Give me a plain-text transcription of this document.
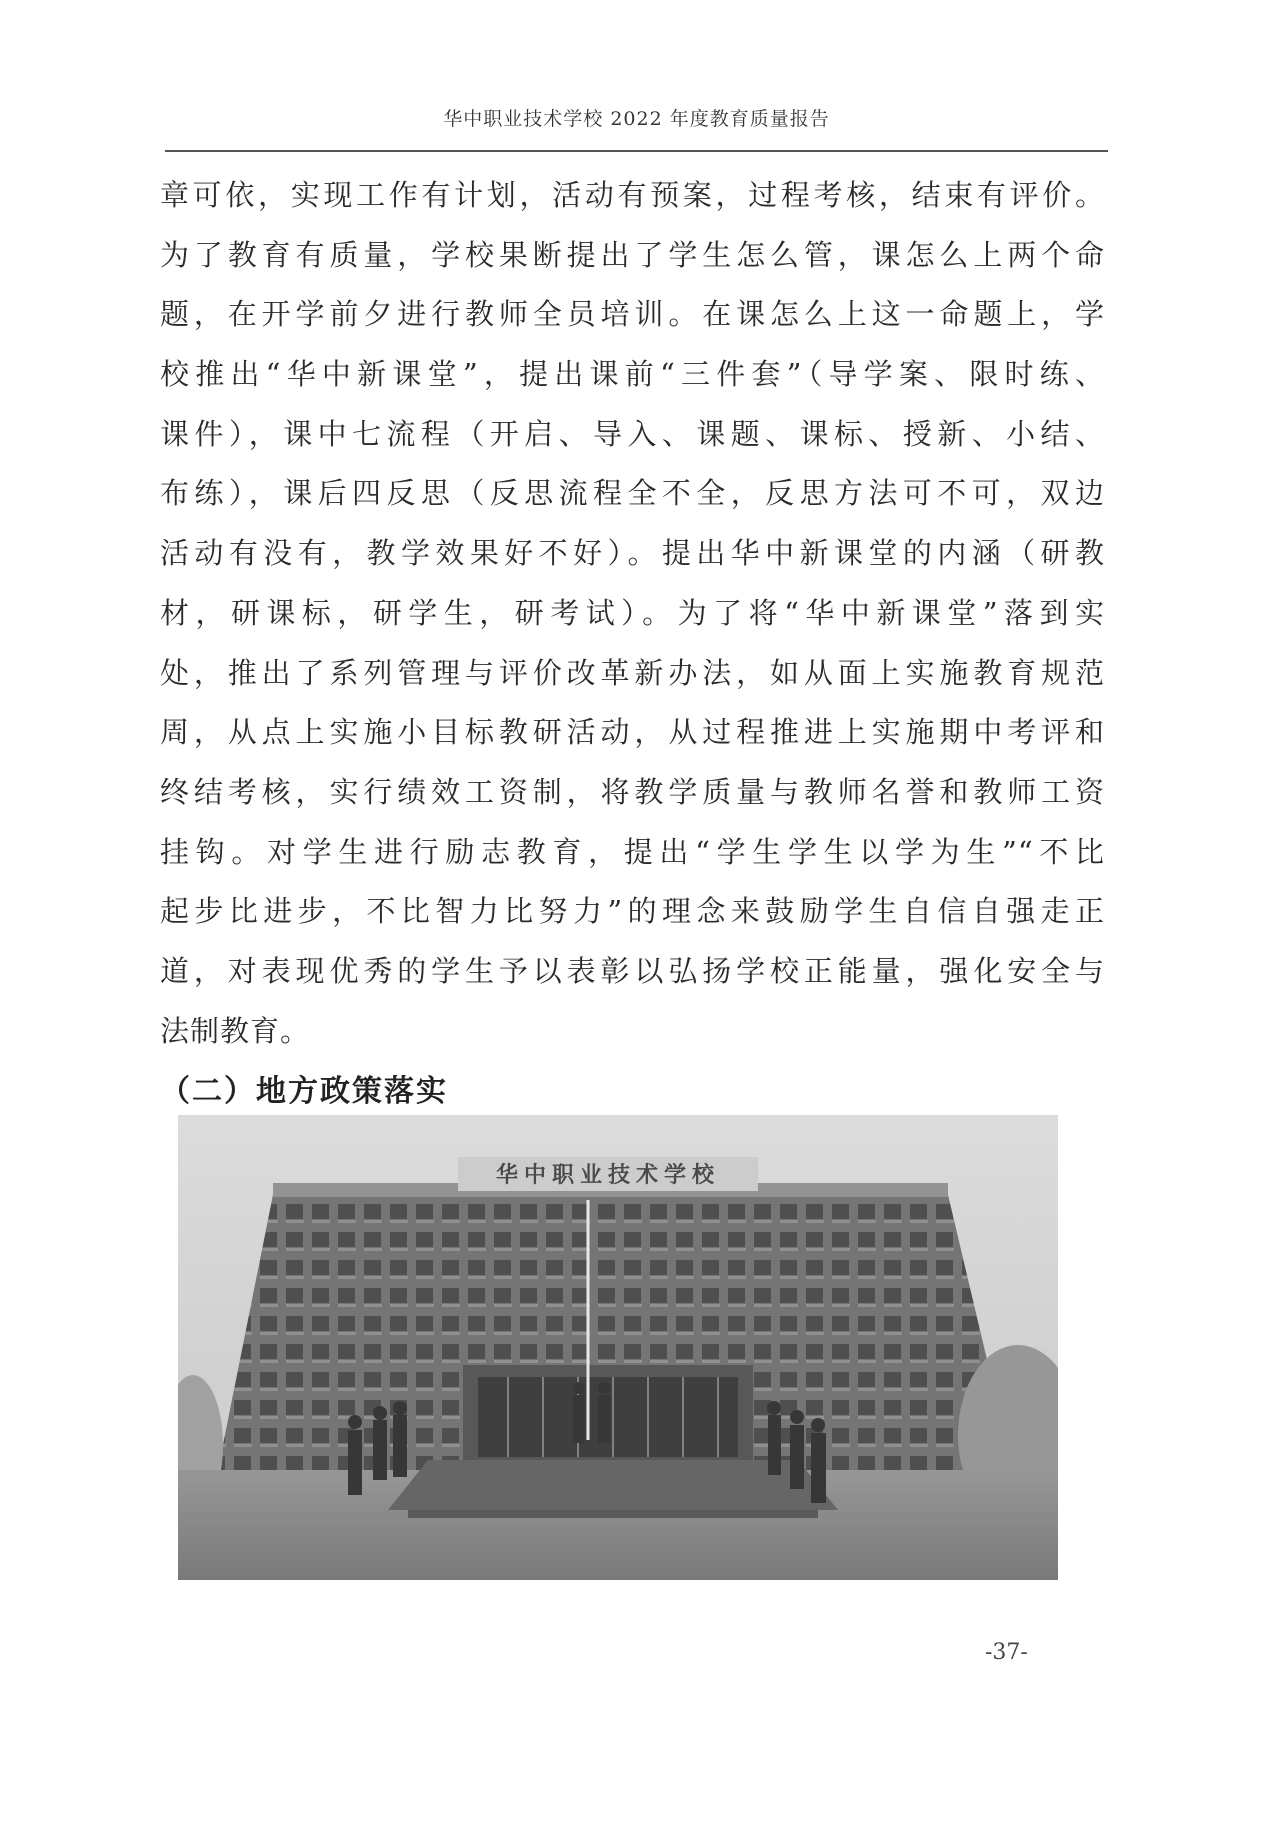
华中职业技术学校 2022 年度教育质量报告
章可依，实现工作有计划，活动有预案，过程考核，结束有评价。
为了教育有质量，学校果断提出了学生怎么管，课怎么上两个命
题，在开学前夕进行教师全员培训。在课怎么上这一命题上，学
校推出“华中新课堂”，提出课前“三件套”（导学案、限时练、
课件），课中七流程（开启、导入、课题、课标、授新、小结、
布练），课后四反思（反思流程全不全，反思方法可不可，双边
活动有没有，教学效果好不好）。提出华中新课堂的内涵（研教
材，研课标，研学生，研考试）。为了将“华中新课堂”落到实
处，推出了系列管理与评价改革新办法，如从面上实施教育规范
周，从点上实施小目标教研活动，从过程推进上实施期中考评和
终结考核，实行绩效工资制，将教学质量与教师名誉和教师工资
挂钩。对学生进行励志教育，提出“学生学生以学为生”“不比
起步比进步，不比智力比努力”的理念来鼓励学生自信自强走正
道，对表现优秀的学生予以表彰以弘扬学校正能量，强化安全与
法制教育。
（二）地方政策落实
华中职业技术学校
-37-
